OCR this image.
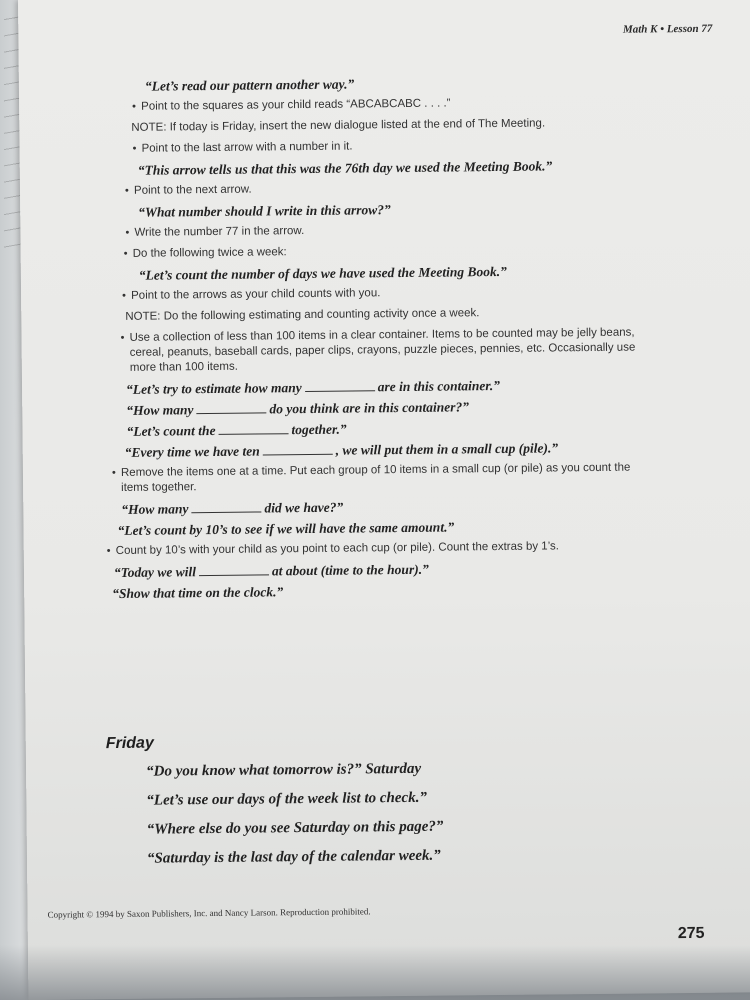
Math K • Lesson 77
“Let’s read our pattern another way.”
• Point to the squares as your child reads “ABCABCABC . . . .”
NOTE: If today is Friday, insert the new dialogue listed at the end of The Meeting.
• Point to the last arrow with a number in it.
“This arrow tells us that this was the 76th day we used the Meeting Book.”
• Point to the next arrow.
“What number should I write in this arrow?”
• Write the number 77 in the arrow.
• Do the following twice a week:
“Let’s count the number of days we have used the Meeting Book.”
• Point to the arrows as your child counts with you.
NOTE: Do the following estimating and counting activity once a week.
• Use a collection of less than 100 items in a clear container. Items to be counted may be jelly beans, cereal, peanuts, baseball cards, paper clips, crayons, puzzle pieces, pennies, etc. Occasionally use more than 100 items.
“Let’s try to estimate how many	are in this container.”
“How many	do you think are in this container?”
“Let’s count the	together.”
“Every time we have ten	, we will put them in a small cup (pile).”
• Remove the items one at a time. Put each group of 10 items in a small cup (or pile) as you count the items together.
“How many	did we have?”
“Let’s count by 10’s to see if we will have the same amount.”
• Count by 10’s with your child as you point to each cup (or pile). Count the extras by 1’s.
“Today we will	at about (time to the hour).”
“Show that time on the clock.”
Friday
“Do you know what tomorrow is?” Saturday
“Let’s use our days of the week list to check.”
“Where else do you see Saturday on this page?”
“Saturday is the last day of the calendar week.”
Copyright © 1994 by Saxon Publishers, Inc. and Nancy Larson. Reproduction prohibited.
275
